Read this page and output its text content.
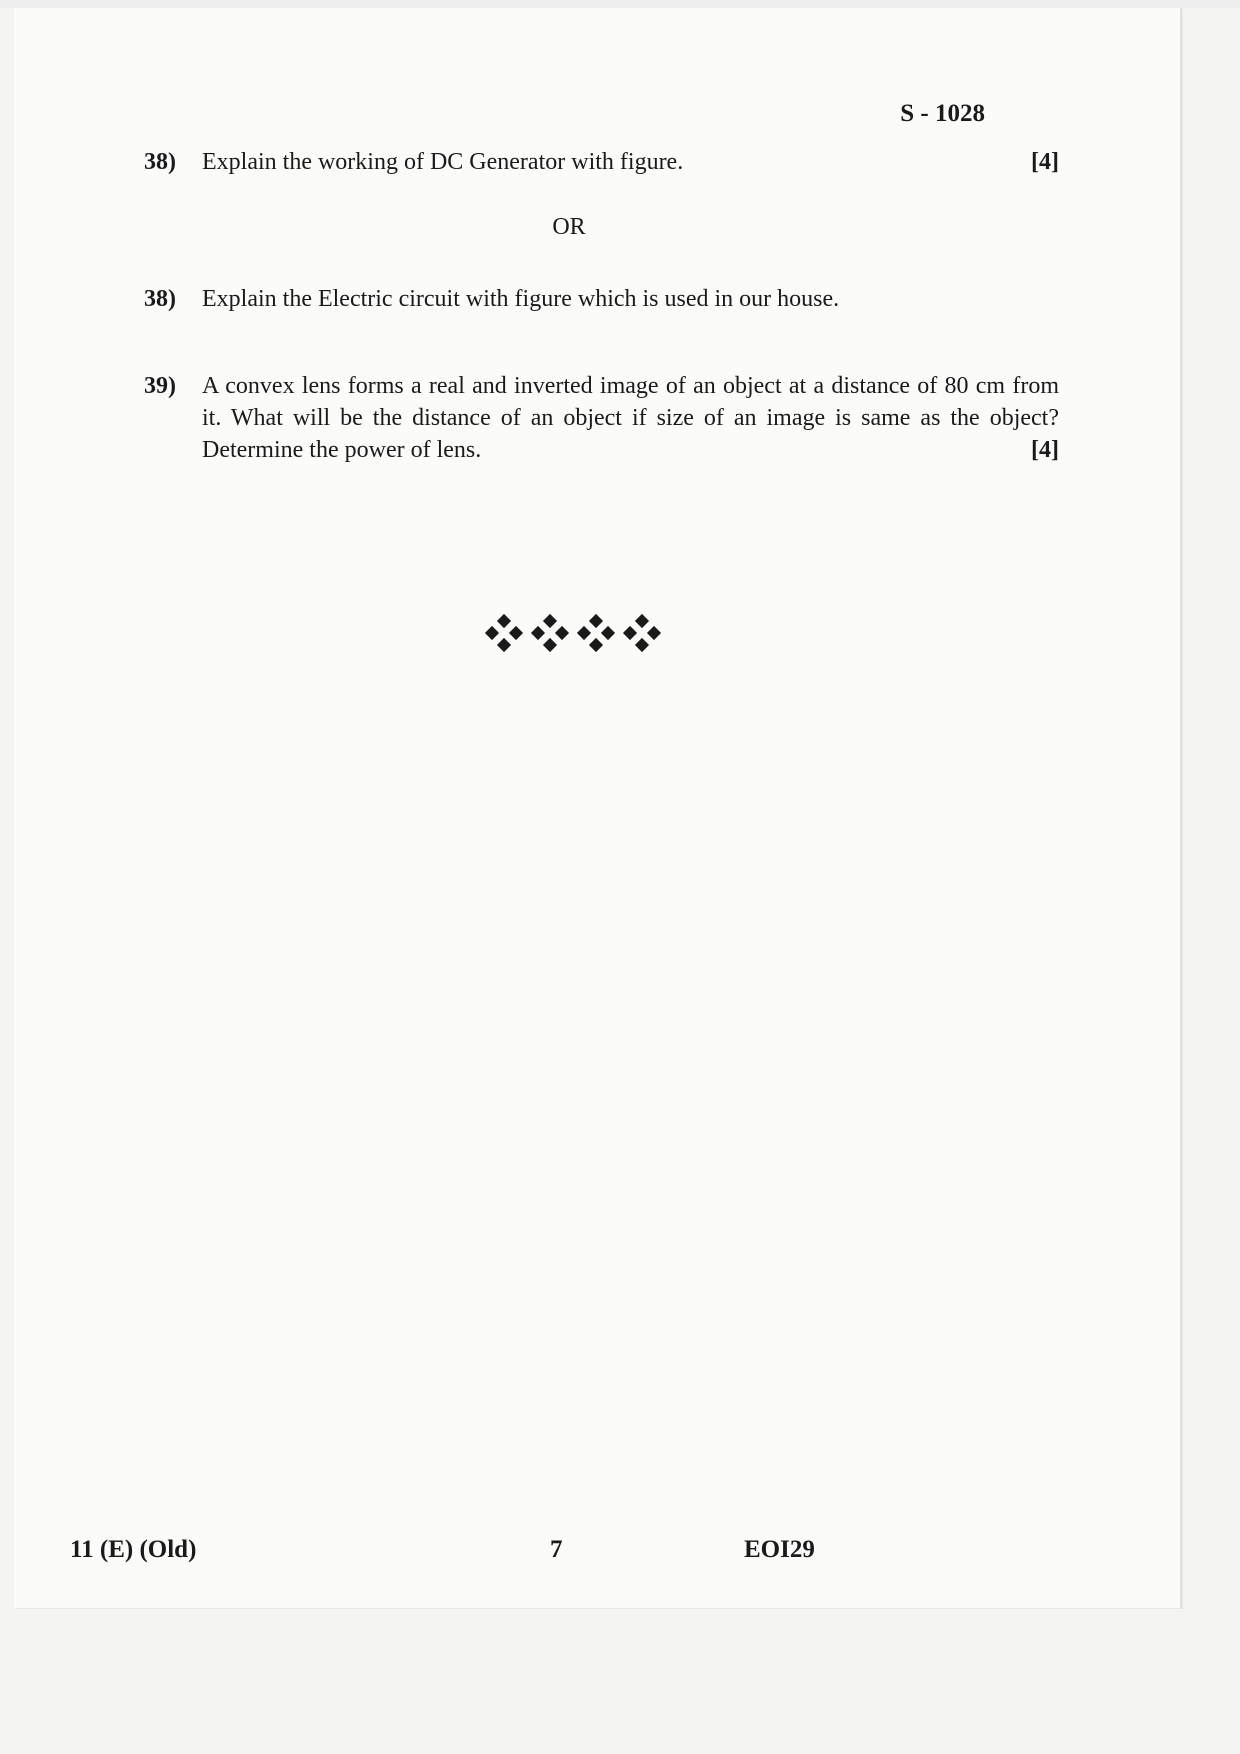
S - 1028
38) Explain the working of DC Generator with figure.	[4]
OR
38) Explain the Electric circuit with figure which is used in our house.
39) A convex lens forms a real and inverted image of an object at a distance of 80 cm from it. What will be the distance of an object if size of an image is same as the object? Determine the power of lens.	[4]
11 (E) (Old)	7	EOI29
